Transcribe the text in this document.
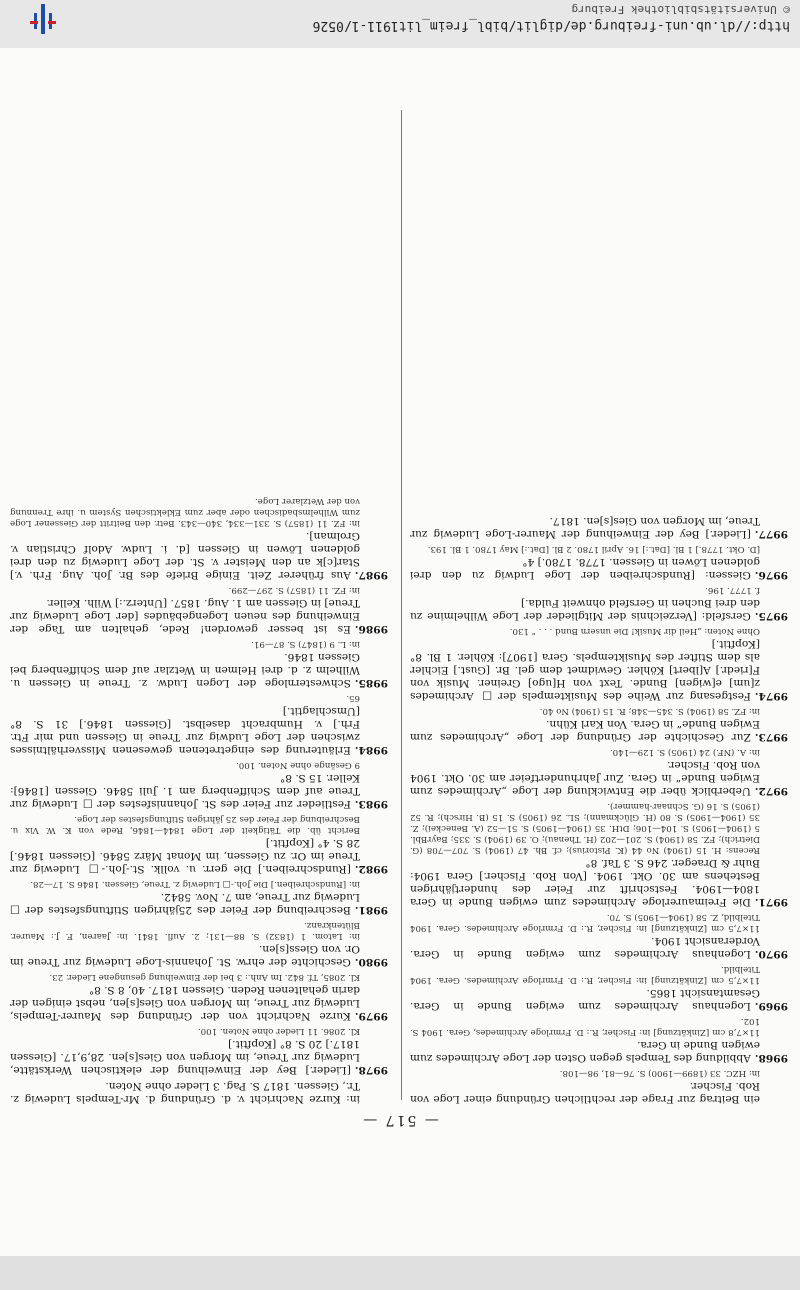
http://dl.ub.uni-freiburg.de/diglit/bibl_freim_lit1911-1/0526
© Universitätsbibliothek Freiburg
— 517 —

ein Beitrag zur Frage der rechtlichen Gründung einer Loge von Rob. Fischer.
in: HZC. 33 (1899—1900) S. 76—81, 98—108.

9968.Abbildung des Tempels gegen Osten der Loge Archimedes zum ewigen Bunde in Gera.
11×7,8 cm [Zinkätzung] in: Fischer, R.: D. Frmrloge Archimedes, Gera. 1904 S. 102.

9969.Logenhaus Archimedes zum ewigen Bunde in Gera. Gesamtansicht 1865.
11×7,5 cm [Zinkätzung] in: Fischer, R.: D. Frmrloge Archimedes. Gera. 1904 Titelbild.

9970.Logenhaus Archimedes zum ewigen Bunde in Gera. Vorderansicht 1904.
11×7,5 cm [Zinkätzung] in: Fischer, R.: D. Frmrloge Archimedes. Gera. 1904 Titelbild, Z. 58 (1904—1905) S. 70.

9971.Die Freimaurerloge Archimedes zum ewigen Bunde in Gera 1804—1904. Festschrift zur Feier des hundertjährigen Bestehens am 30. Okt. 1904. [Von Rob. Fischer.] Gera 1904: Buhr & Draeger. 246 S. 3 Taf. 8°
Recens: H. 15 (1904) No 44 (K. Pistorius); cf. Bh. 47 (1904) S. 707—708 (G. Dietrich); FZ. 58 (1904) S. 201—202 (H. Thenau); O. 39 (1904) S. 335; BayrBbl. 5 (1904—1905) S. 104—106; DtH. 35 (1904—1905) S. 51—52 (A. Beneckei); Z. 35 (1904—1905) S. 80 (H. Glückmann); SL. 26 (1905) S. 15 (B. Hirsch); R. 52 (1905) S. 16 (G. Schnaar-hammer).

9972.Ueberblick über die Entwicklung der Loge „Archimedes zum Ewigen Bunde“ in Gera. Zur Jahrhundertfeier am 30. Okt. 1904 von Rob. Fischer.
in: A. (NF.) 24 (1905) S. 129—140.

9973.Zur Geschichte der Gründung der Loge „Archimedes zum Ewigen Bunde“ in Gera. Von Karl Kühn.
in: FZ. 58 (1904) S. 345—348; R. 15 (1904) No 40.

9974.Festgesang zur Weihe des Musiktempels der □ Archimedes z[um] e[wigen] Bunde. Text von H[ugo] Greiner. Musik von F[riedr.] A[lbert] Köhler. Gewidmet dem gel. Br. [Gust.] Eichler als dem Stifter des Musiktempels. Gera [1907]: Köhler. 1 Bl. 8° [Kopftit.]
Ohne Noten: „Heil dir Musik! Die unsern Bund . . . “ 130.

9975.Gersfeld: [Verzeichnis der Mitglieder der Loge Wilhelmine zu den drei Buchen in Gersfeld ohnweit Fulda.]
f. 1777. 196.

9976.Giessen: [Rundschreiben der Loge Ludwig zu den drei goldenen Löwen in Giessen. 1778. 1780.] 4°
[D. Okt. 1778.] 1 Bl. [Dat.:] 16. April 1780. 2 Bl. [Dat.:] May 1780. 1 Bl. 193.

9977.[Lieder.] Bey der Einweihung der Maurer-Loge Ludewig zur Treue, im Morgen von Gies[s]en. 1817.

in: Kurze Nachricht v. d. Gründung d. Mr-Tempels Ludewig z. Tr., Giessen. 1817 S. Pag. 3 Lieder ohne Noten.

9978.[Lieder.] Bey der Einweihung der elektischen Werkstätte, Ludewig zur Treue, im Morgen von Gies[s]en. 28,9,17. [Giessen 1817.] 20 S. 8° [Kopftit.]
Kl. 2086. 11 Lieder ohne Noten. 100.

9979.Kurze Nachricht von der Gründung des Maurer-Tempels, Ludewig zur Treue, im Morgen von Gies[s]en, nebst einigen der darin gehaltenen Reden. Giessen 1817. 40, 8 S. 8°
Kl. 2085, Tf. 842. Im Anh.: 3 bei der Einweihung gesungene Lieder. 23.

9980.Geschichte der ehrw. St. Johannis-Loge Ludewig zur Treue im Or. von Giess[s]en.
in: Latom. 1 (1832) S. 88—131; 2. Aufl. 1841. in: Jaaren, F. J.: Maurer. Blütenkranz.

9981.Beschreibung der Feier des 25jährigen Stiftungsfestes der □ Ludewig zur Treue, am 7. Nov. 5842.
in: [Rundschreiben.] Die Joh.-□ Ludewig z. Treue, Giessen. 1846 S. 17—28.

9982.[Rundschreiben.] Die gerr. u. vollk. St.-Joh.-□ Ludewig zur Treue im Or. zu Giessen, im Monat März 5846. [Giessen 1846.] 28 S. 4° [Kopftit.]
Bericht üb. die Tätigkeit der Loge 1844—1846, Rede von K. W. Vix u. Beschreibung der Feier des 25 jährigen Stiftungsfestes der Loge.

9983.Festlieder zur Feier des St. Johannisfestes der □ Ludewig zur Treue auf dem Schiffenberg am 1. Juli 5846. Giessen [1846]: Keller. 15 S. 8°
9 Gesänge ohne Noten. 100.

9984.Erläuterung des eingetretenen gewesenen Missverhältnisses zwischen der Loge Ludwig zur Treue in Giessen und mir Ftr. Frh.] v. Humbracht daselbst. [Giessen 1846.] 31 S. 8° [Umschlagtit.]
65.

9985.Schwesternloge der Logen Ludw. z. Treue in Giessen u. Wilhelm z. d. drei Helmen in Wetzlar auf dem Schiffenberg bei Giessen 1846.
in: L. 9 (1847) S. 87—91.

9986.Es ist besser geworden! Rede, gehalten am Tage der Einweihung des neuen Logengebäudes [der Loge Ludewig zur Treue] in Giessen am 1. Aug. 1857. [Unterz.:] Wilh. Keller.
in: FZ. 11 (1857) S. 297—299.

9987.Aus früherer Zeit. Einige Briefe des Br. Joh. Aug. Frh. v.] Star[c]k an den Meister v. St. der Loge Ludewig zu den drei goldenen Löwen in Giessen [d. i. Ludw. Adolf Christian v. Grolman].
in: FZ. 11 (1857) S. 331—334, 340—343. Betr. den Beitritt der Giessener Loge zum Wilhelmsbadischen oder aber zum Eklektischen System u. ihre Trennung von der Wetzlarer Loge.
